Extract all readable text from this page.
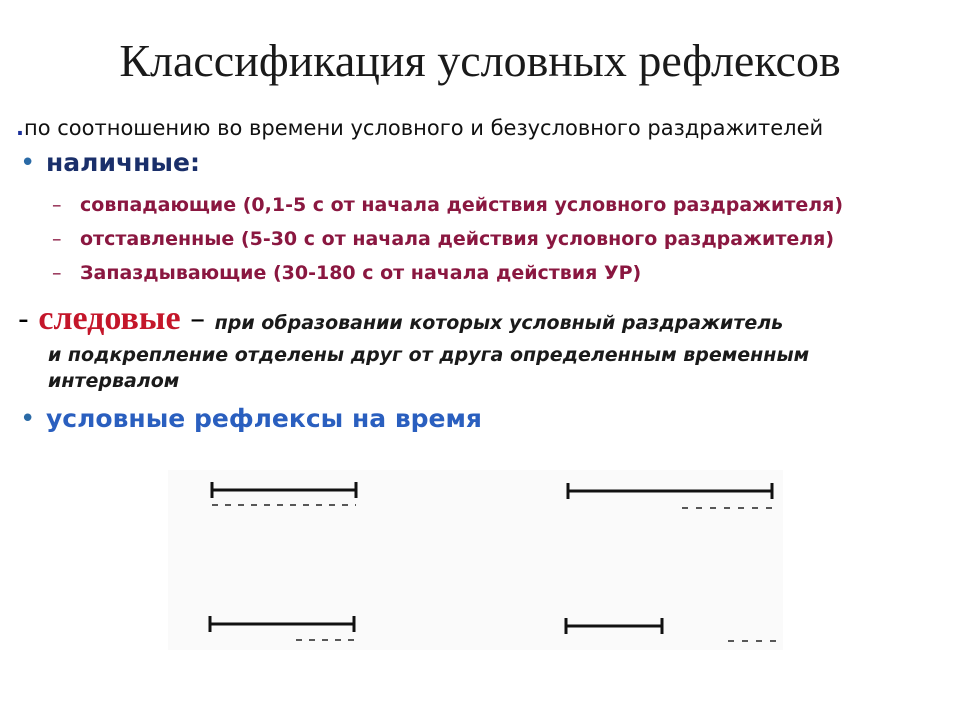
Классификация условных рефлексов
.по соотношению во времени условного и безусловного раздражителей
• наличные:
– совпадающие (0,1-5 с от начала действия условного раздражителя)
– отставленные (5-30 с от начала действия условного раздражителя)
– Запаздывающие (30-180 с от начала действия УР)
- следовые – при образовании которых условный раздражитель
и подкрепление отделены друг от друга определенным временным интервалом
• условные рефлексы на время
